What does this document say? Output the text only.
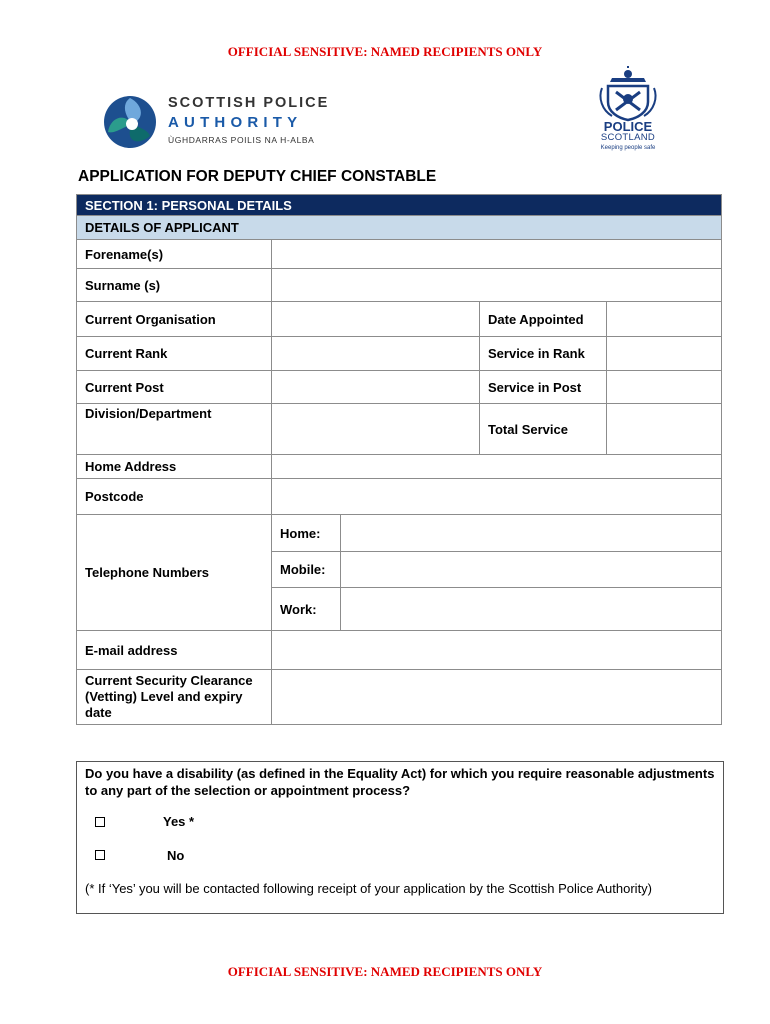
OFFICIAL SENSITIVE: NAMED RECIPIENTS ONLY
SCOTTISH POLICE
AUTHORITY
ÙGHDARRAS POILIS NA H-ALBA
POLICE
SCOTLAND
Keeping people safe
APPLICATION FOR DEPUTY CHIEF CONSTABLE
SECTION 1: PERSONAL DETAILS				
DETAILS OF APPLICANT				
Forename(s)				
Surname (s)				
Current Organisation			Date Appointed	
Current Rank			Service in Rank	
Current Post			Service in Post	
Division/Department			Total Service	
Home Address				
Postcode				
Telephone Numbers	Home:			
	Mobile:			
	Work:			
E-mail address				
Current Security Clearance (Vetting) Level and expiry date				
Do you have a disability (as defined in the Equality Act) for which you require reasonable adjustments to any part of the selection or appointment process?
Yes *
No
(* If ‘Yes’ you will be contacted following receipt of your application by the Scottish Police Authority)
OFFICIAL SENSITIVE: NAMED RECIPIENTS ONLY
